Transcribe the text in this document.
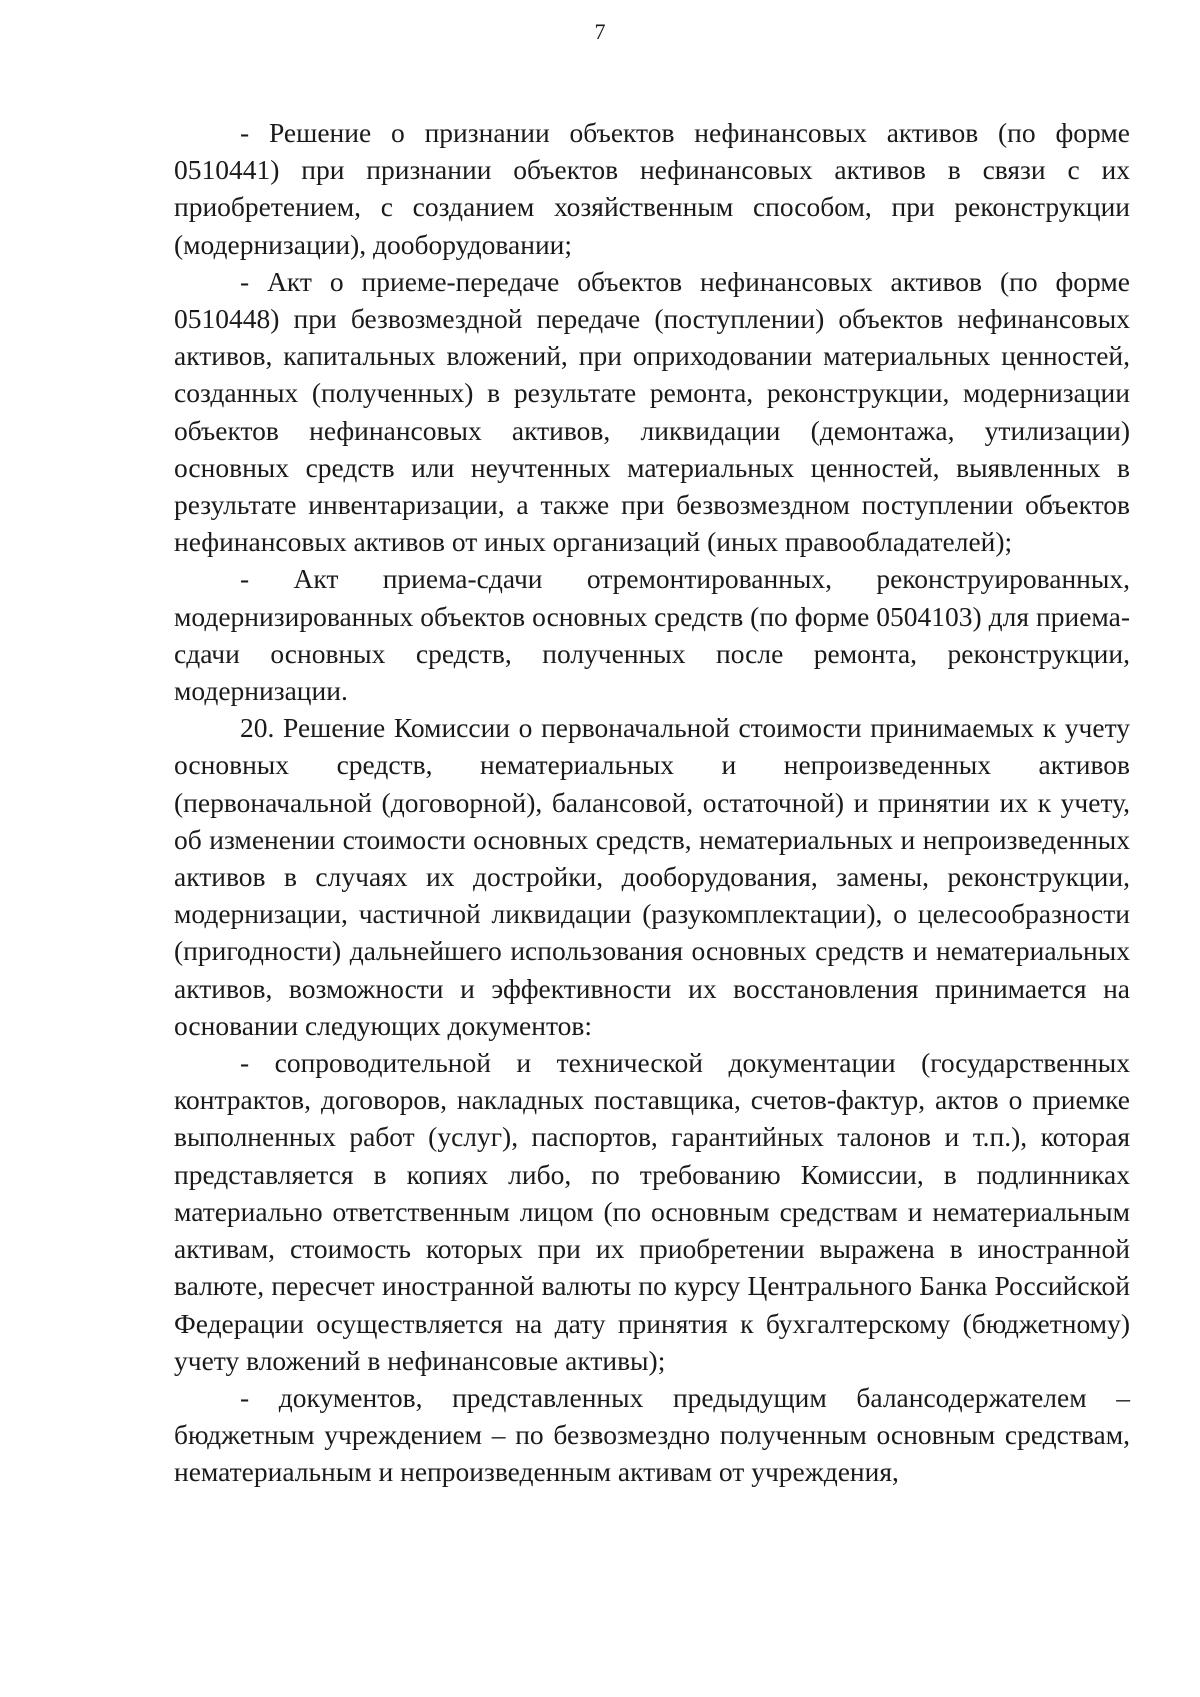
7

- Решение о признании объектов нефинансовых активов (по форме 0510441) при признании объектов нефинансовых активов в связи с их приобретением, с созданием хозяйственным способом, при реконструкции (модернизации), дооборудовании;

- Акт о приеме-передаче объектов нефинансовых активов (по форме 0510448) при безвозмездной передаче (поступлении) объектов нефинансовых активов, капитальных вложений, при оприходовании материальных ценностей, созданных (полученных) в результате ремонта, реконструкции, модернизации объектов нефинансовых активов, ликвидации (демонтажа, утилизации) основных средств или неучтенных материальных ценностей, выявленных в результате инвентаризации, а также при безвозмездном поступлении объектов нефинансовых активов от иных организаций (иных правообладателей);

- Акт приема-сдачи отремонтированных, реконструированных, модернизированных объектов основных средств (по форме 0504103) для приема-сдачи основных средств, полученных после ремонта, реконструкции, модернизации.

20. Решение Комиссии о первоначальной стоимости принимаемых к учету основных средств, нематериальных и непроизведенных активов (первоначальной (договорной), балансовой, остаточной) и принятии их к учету, об изменении стоимости основных средств, нематериальных и непроизведенных активов в случаях их достройки, дооборудования, замены, реконструкции, модернизации, частичной ликвидации (разукомплектации), о целесообразности (пригодности) дальнейшего использования основных средств и нематериальных активов, возможности и эффективности их восстановления принимается на основании следующих документов:

- сопроводительной и технической документации (государственных контрактов, договоров, накладных поставщика, счетов-фактур, актов о приемке выполненных работ (услуг), паспортов, гарантийных талонов и т.п.), которая представляется в копиях либо, по требованию Комиссии, в подлинниках материально ответственным лицом (по основным средствам и нематериальным активам, стоимость которых при их приобретении выражена в иностранной валюте, пересчет иностранной валюты по курсу Центрального Банка Российской Федерации осуществляется на дату принятия к бухгалтерскому (бюджетному) учету вложений в нефинансовые активы);

- документов, представленных предыдущим балансодержателем – бюджетным учреждением – по безвозмездно полученным основным средствам, нематериальным и непроизведенным активам от учреждения,
